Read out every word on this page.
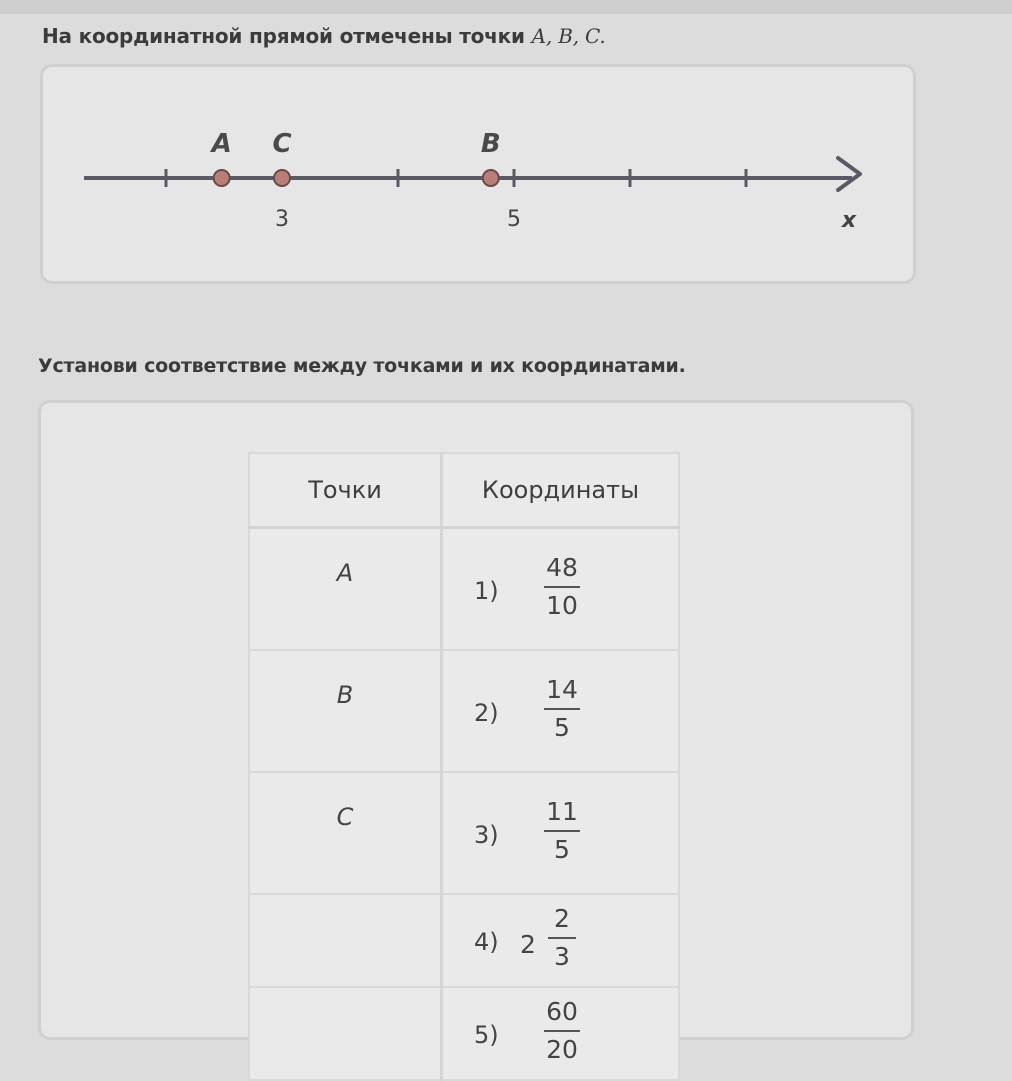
На координатной прямой отмечены точки A, B, C.
A C	B
3	5	x
Установи соответствие между точками и их координатами.
Точки	Координаты
A	1)
48
10

B	2)
14
5

C	3)
11
5

	4) 2
2
3

	5)
60
20
